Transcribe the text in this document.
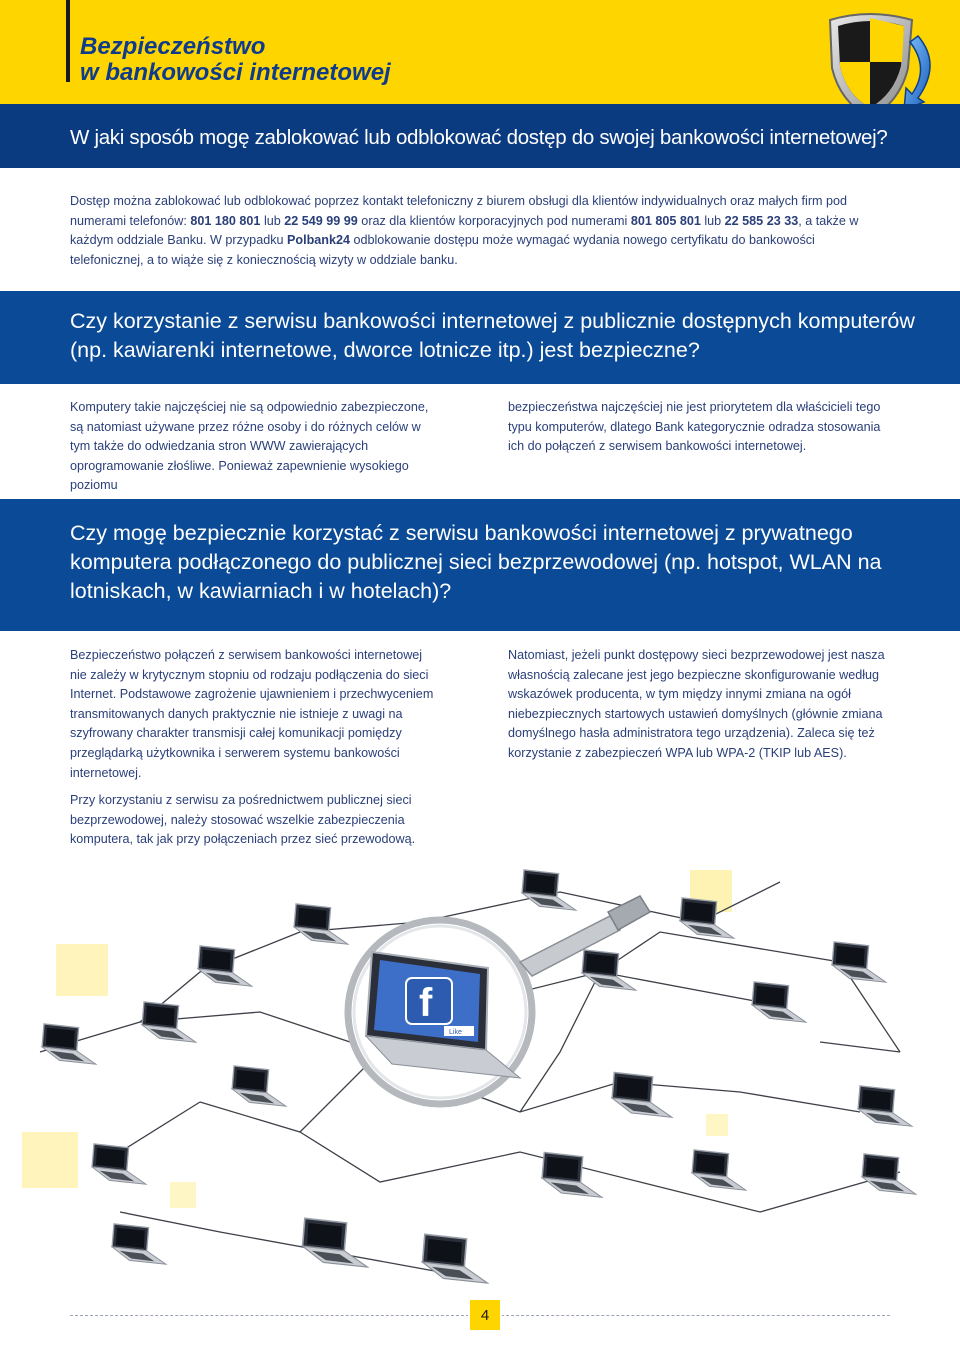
Bezpieczeństwo
w bankowości internetowej
W jaki sposób mogę zablokować lub odblokować dostęp do swojej bankowości internetowej?
Dostęp można zablokować lub odblokować poprzez kontakt telefoniczny z biurem obsługi dla klientów indywidualnych oraz małych firm pod numerami telefonów: 801 180 801 lub 22 549 99 99 oraz dla klientów korporacyjnych pod numerami 801 805 801 lub 22 585 23 33, a także w każdym oddziale Banku. W przypadku Polbank24 odblokowanie dostępu może wymagać wydania nowego certyfikatu do bankowości telefonicznej, a to wiąże się z koniecznością wizyty w oddziale banku.
Czy korzystanie z serwisu bankowości internetowej z publicznie dostępnych komputerów (np. kawiarenki internetowe, dworce lotnicze itp.) jest bezpieczne?
Komputery takie najczęściej nie są odpowiednio zabezpieczone, są natomiast używane przez różne osoby i do różnych celów w tym także do odwiedzania stron WWW zawierających oprogramowanie złośliwe. Ponieważ zapewnienie wysokiego poziomu
bezpieczeństwa najczęściej nie jest priorytetem dla właścicieli tego typu komputerów, dlatego Bank kategorycznie odradza stosowania ich do połączeń z serwisem bankowości internetowej.
Czy mogę bezpiecznie korzystać z serwisu bankowości internetowej z prywatnego komputera podłączonego do publicznej sieci bezprzewodowej (np. hotspot, WLAN na lotniskach, w kawiarniach i w hotelach)?
Bezpieczeństwo połączeń z serwisem bankowości internetowej nie zależy w krytycznym stopniu od rodzaju podłączenia do sieci Internet. Podstawowe zagrożenie ujawnieniem i przechwyceniem transmitowanych danych praktycznie nie istnieje z uwagi na szyfrowany charakter transmisji całej komunikacji pomiędzy przeglądarką użytkownika i serwerem systemu bankowości internetowej.
Przy korzystaniu z serwisu za pośrednictwem publicznej sieci bezprzewodowej, należy stosować wszelkie zabezpieczenia komputera, tak jak przy połączeniach przez sieć przewodową.
Natomiast, jeżeli punkt dostępowy sieci bezprzewodowej jest nasza własnością zalecane jest jego bezpieczne skonfigurowanie według wskazówek producenta, w tym między innymi zmiana na ogół niebezpiecznych startowych ustawień domyślnych (głównie zmiana domyślnego hasła administratora tego urządzenia). Zaleca się też korzystanie z zabezpieczeń WPA lub WPA-2 (TKIP lub AES).
f
Like
4
